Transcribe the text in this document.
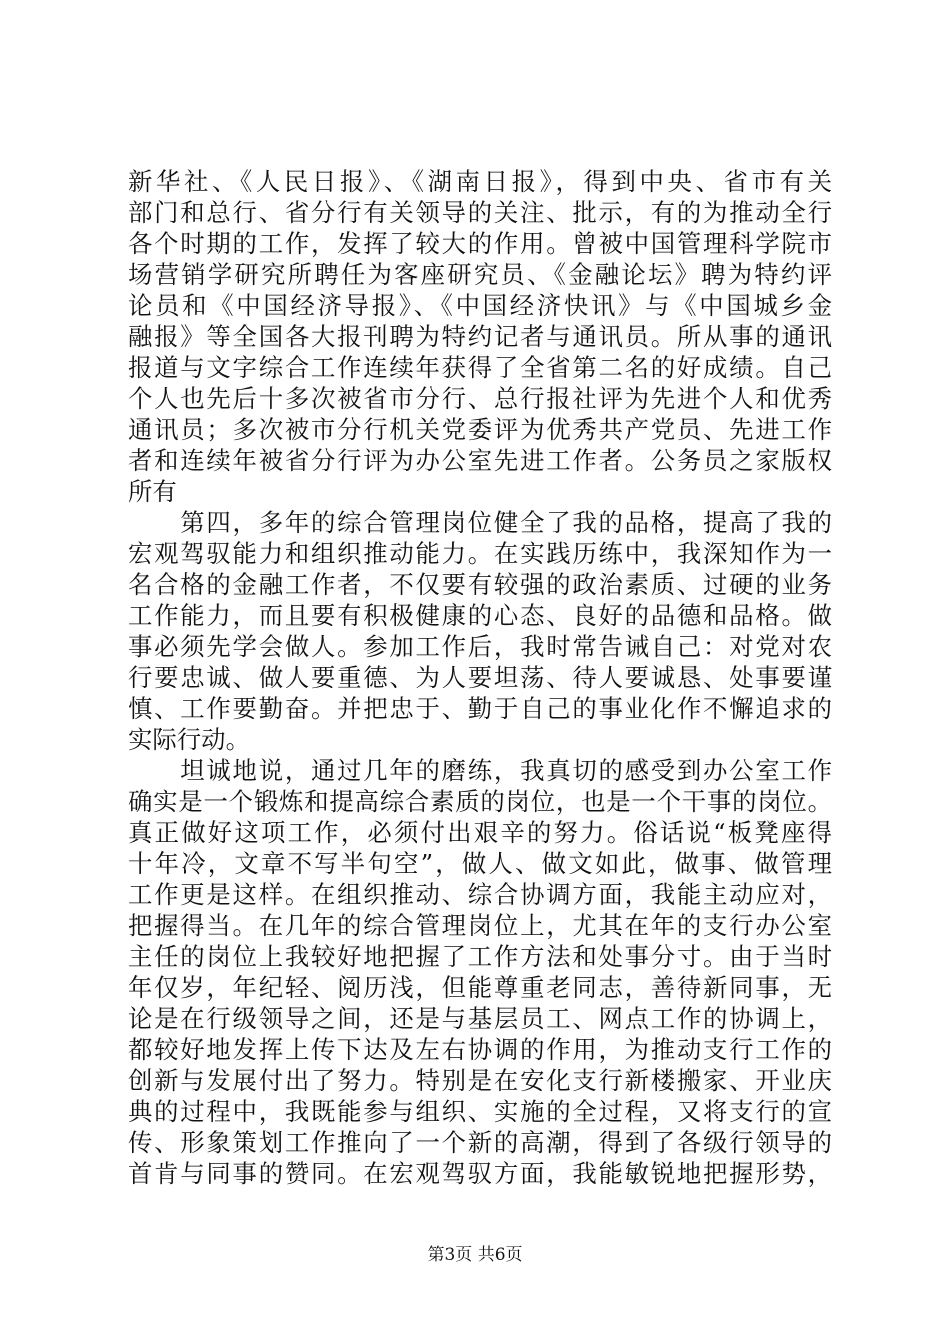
新华社、《人民日报》、《湖南日报》，得到中央、省市有关
部门和总行、省分行有关领导的关注、批示，有的为推动全行
各个时期的工作，发挥了较大的作用。曾被中国管理科学院市
场营销学研究所聘任为客座研究员、《金融论坛》聘为特约评
论员和《中国经济导报》、《中国经济快讯》与《中国城乡金
融报》等全国各大报刊聘为特约记者与通讯员。所从事的通讯
报道与文字综合工作连续年获得了全省第二名的好成绩。自己
个人也先后十多次被省市分行、总行报社评为先进个人和优秀
通讯员；多次被市分行机关党委评为优秀共产党员、先进工作
者和连续年被省分行评为办公室先进工作者。公务员之家版权
所有
　　第四，多年的综合管理岗位健全了我的品格，提高了我的
宏观驾驭能力和组织推动能力。在实践历练中，我深知作为一
名合格的金融工作者，不仅要有较强的政治素质、过硬的业务
工作能力，而且要有积极健康的心态、良好的品德和品格。做
事必须先学会做人。参加工作后，我时常告诫自己：对党对农
行要忠诚、做人要重德、为人要坦荡、待人要诚恳、处事要谨
慎、工作要勤奋。并把忠于、勤于自己的事业化作不懈追求的
实际行动。
　　坦诚地说，通过几年的磨练，我真切的感受到办公室工作
确实是一个锻炼和提高综合素质的岗位，也是一个干事的岗位。
真正做好这项工作，必须付出艰辛的努力。俗话说“板凳座得
十年冷，文章不写半句空”，做人、做文如此，做事、做管理
工作更是这样。在组织推动、综合协调方面，我能主动应对，
把握得当。在几年的综合管理岗位上，尤其在年的支行办公室
主任的岗位上我较好地把握了工作方法和处事分寸。由于当时
年仅岁，年纪轻、阅历浅，但能尊重老同志，善待新同事，无
论是在行级领导之间，还是与基层员工、网点工作的协调上，
都较好地发挥上传下达及左右协调的作用，为推动支行工作的
创新与发展付出了努力。特别是在安化支行新楼搬家、开业庆
典的过程中，我既能参与组织、实施的全过程，又将支行的宣
传、形象策划工作推向了一个新的高潮，得到了各级行领导的
首肯与同事的赞同。在宏观驾驭方面，我能敏锐地把握形势，
第3页 共6页
